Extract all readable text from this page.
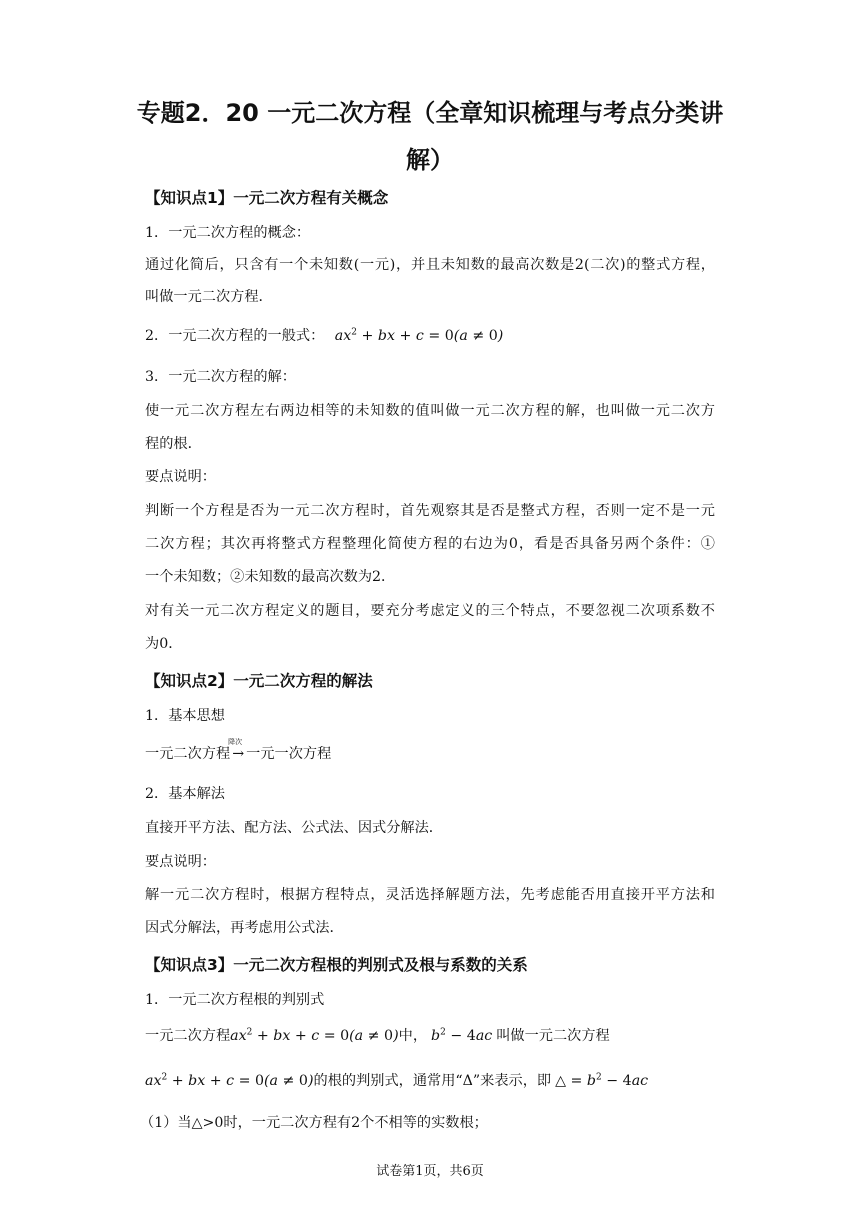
专题2．20 一元二次方程（全章知识梳理与考点分类讲
解）
【知识点1】一元二次方程有关概念
1．一元二次方程的概念：
通过化简后，只含有一个未知数(一元)，并且未知数的最高次数是2(二次)的整式方程，
叫做一元二次方程．
2．一元二次方程的一般式： $ax^2$ + bx + c = 0(a ≠ 0)
3．一元二次方程的解：
使一元二次方程左右两边相等的未知数的值叫做一元二次方程的解，也叫做一元二次方
程的根．
要点说明：
判断一个方程是否为一元二次方程时，首先观察其是否是整式方程，否则一定不是一元
二次方程；其次再将整式方程整理化简使方程的右边为0，看是否具备另两个条件：①
一个未知数；②未知数的最高次数为2．
对有关一元二次方程定义的题目，要充分考虑定义的三个特点，不要忽视二次项系数不
为0．
【知识点2】一元二次方程的解法
1．基本思想
一元二次方程
降次
→ 一元一次方程
2．基本解法
直接开平方法、配方法、公式法、因式分解法．
要点说明：
解一元二次方程时，根据方程特点，灵活选择解题方法，先考虑能否用直接开平方法和
因式分解法，再考虑用公式法．
【知识点3】一元二次方程根的判别式及根与系数的关系
1．一元二次方程根的判别式
一元二次方程$ax^2$ + bx + c = 0(a ≠ 0)中， $b^2 - 4ac$ 叫做一元二次方程
$ax^2$ + bx + c = 0(a ≠ 0)的根的判别式，通常用“Δ”来表示，即 △ = $b^2 - 4ac$
（1）当△>0时，一元二次方程有2个不相等的实数根；
试卷第1页，共6页
